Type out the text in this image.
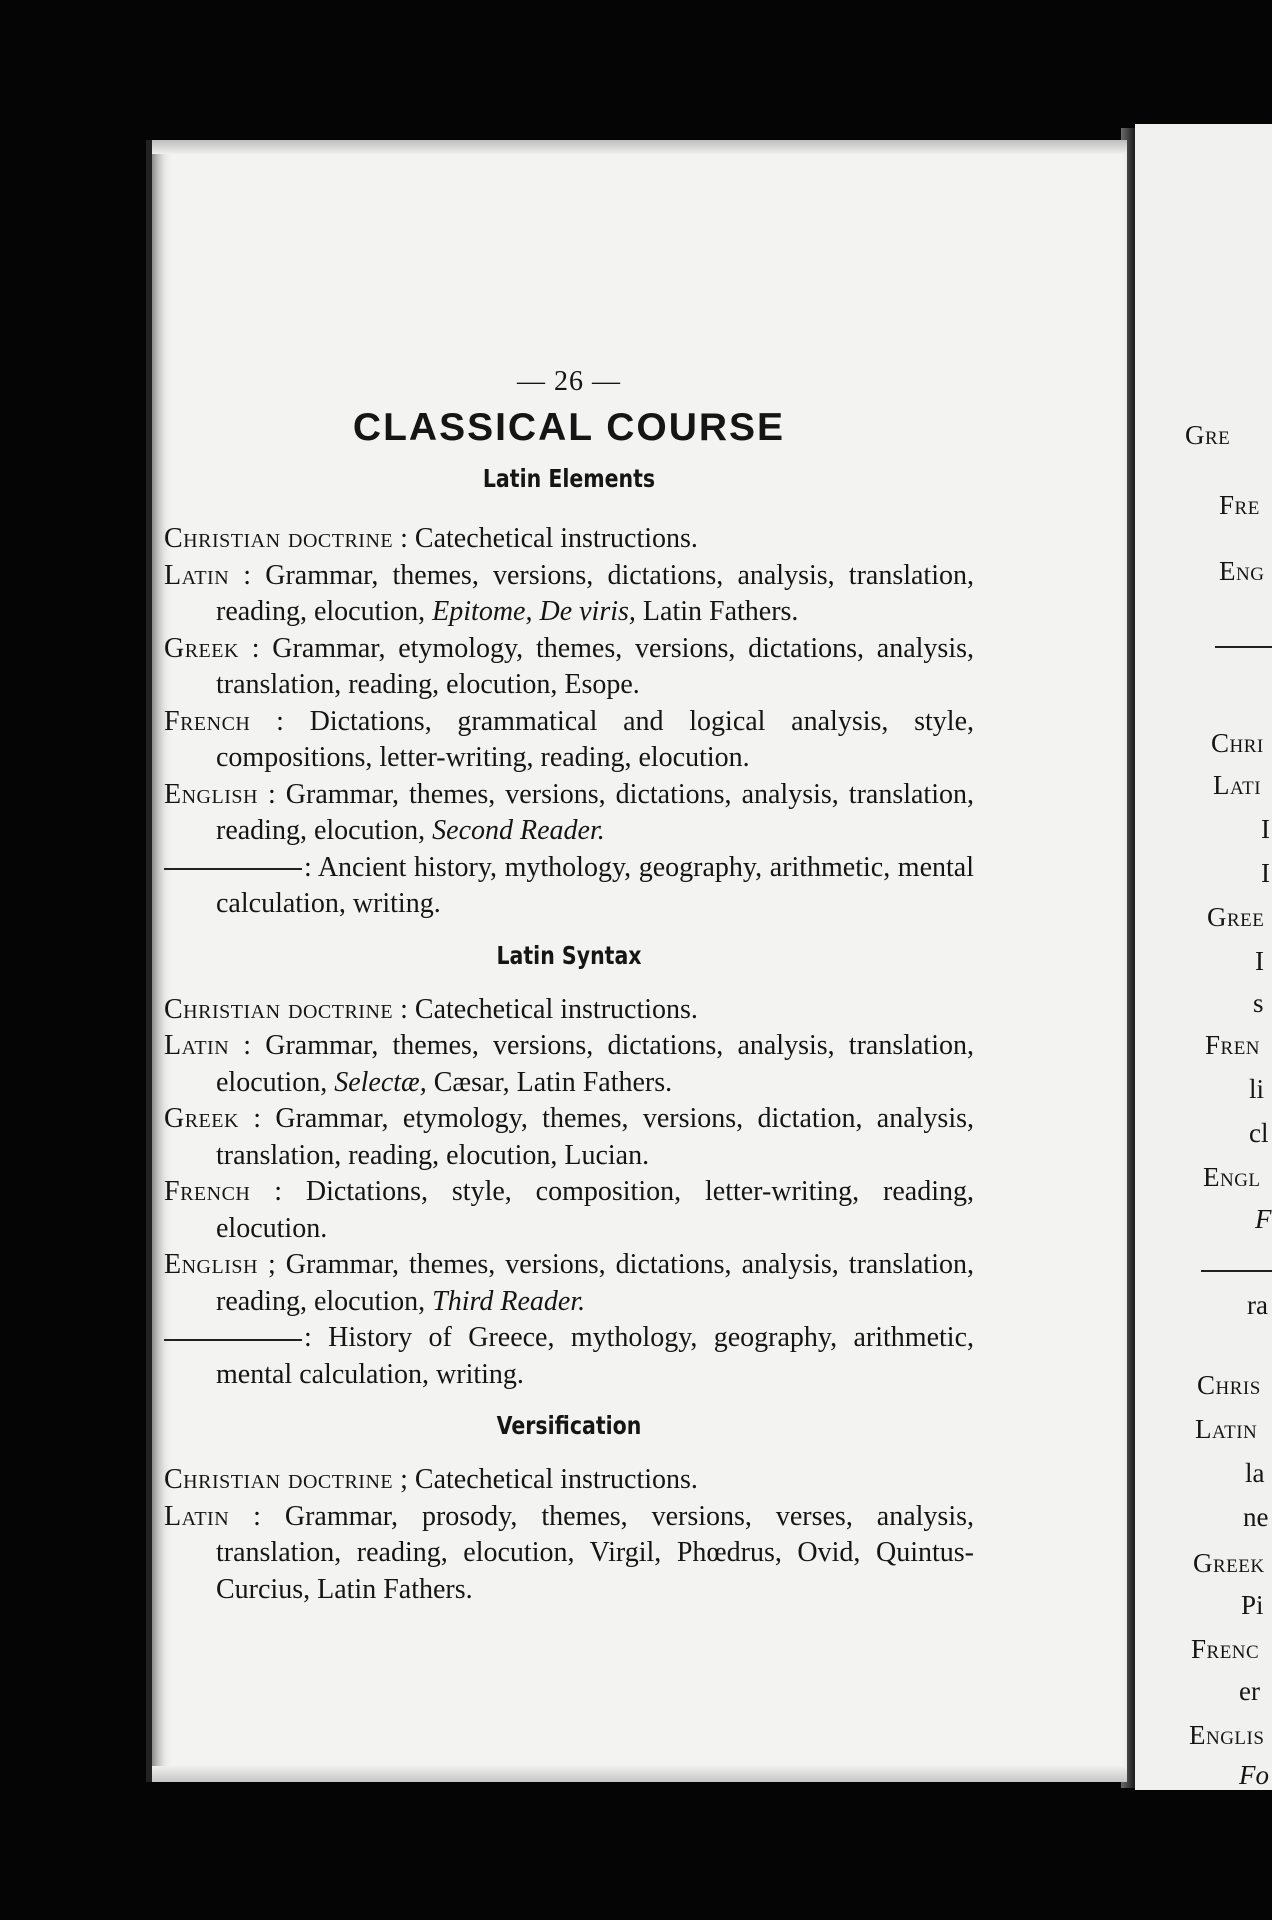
— 26 —
CLASSICAL COURSE
Latin Elements
Christian doctrine : Catechetical instructions.
Latin : Grammar, themes, versions, dictations, analysis, translation, reading, elocution, Epitome, De viris, Latin Fathers.
Greek : Grammar, etymology, themes, versions, dictations, analysis, translation, reading, elocution, Esope.
French : Dictations, grammatical and logical analysis, style, compositions, letter-writing, reading, elocution.
English : Grammar, themes, versions, dictations, analysis, translation, reading, elocution, Second Reader.
: Ancient history, mythology, geography, arithmetic, mental calculation, writing.
Latin Syntax
Christian doctrine : Catechetical instructions.
Latin : Grammar, themes, versions, dictations, analysis, translation, elocution, Selectæ, Cæsar, Latin Fathers.
Greek : Grammar, etymology, themes, versions, dictation, analysis, translation, reading, elocution, Lucian.
French : Dictations, style, composition, letter-writing, reading, elocution.
English ; Grammar, themes, versions, dictations, analysis, translation, reading, elocution, Third Reader.
: History of Greece, mythology, geography, arithmetic, mental calculation, writing.
Versification
Christian doctrine ; Catechetical instructions.
Latin : Grammar, prosody, themes, versions, verses, analysis, translation, reading, elocution, Virgil, Phœdrus, Ovid, Quintus-Curcius, Latin Fathers.
Gre
Fre
Eng
Chri
Lati
I
I
Gree
I
s
Fren
li
cl
Engl
F
ra
Chris
Latin
la
ne
Greek
Pi
Frenc
er
Englis
Fo
